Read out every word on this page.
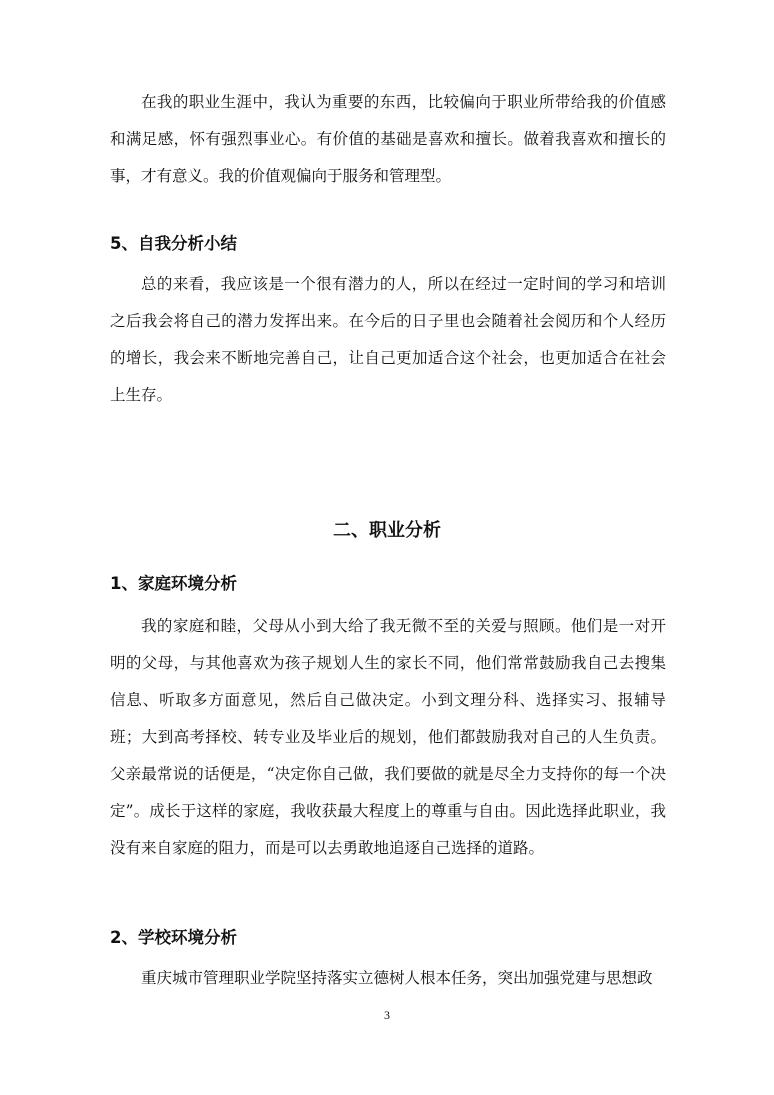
在我的职业生涯中，我认为重要的东西，比较偏向于职业所带给我的价值感和满足感，怀有强烈事业心。有价值的基础是喜欢和擅长。做着我喜欢和擅长的事，才有意义。我的价值观偏向于服务和管理型。

5、自我分析小结

总的来看，我应该是一个很有潜力的人，所以在经过一定时间的学习和培训之后我会将自己的潜力发挥出来。在今后的日子里也会随着社会阅历和个人经历的增长，我会来不断地完善自己，让自己更加适合这个社会，也更加适合在社会上生存。

二、职业分析
1、家庭环境分析

我的家庭和睦，父母从小到大给了我无微不至的关爱与照顾。他们是一对开明的父母，与其他喜欢为孩子规划人生的家长不同，他们常常鼓励我自己去搜集信息、听取多方面意见，然后自己做决定。小到文理分科、选择实习、报辅导班；大到高考择校、转专业及毕业后的规划，他们都鼓励我对自己的人生负责。父亲最常说的话便是，“决定你自己做，我们要做的就是尽全力支持你的每一个决定”。成长于这样的家庭，我收获最大程度上的尊重与自由。因此选择此职业，我没有来自家庭的阻力，而是可以去勇敢地追逐自己选择的道路。

2、学校环境分析

重庆城市管理职业学院坚持落实立德树人根本任务，突出加强党建与思想政

3
